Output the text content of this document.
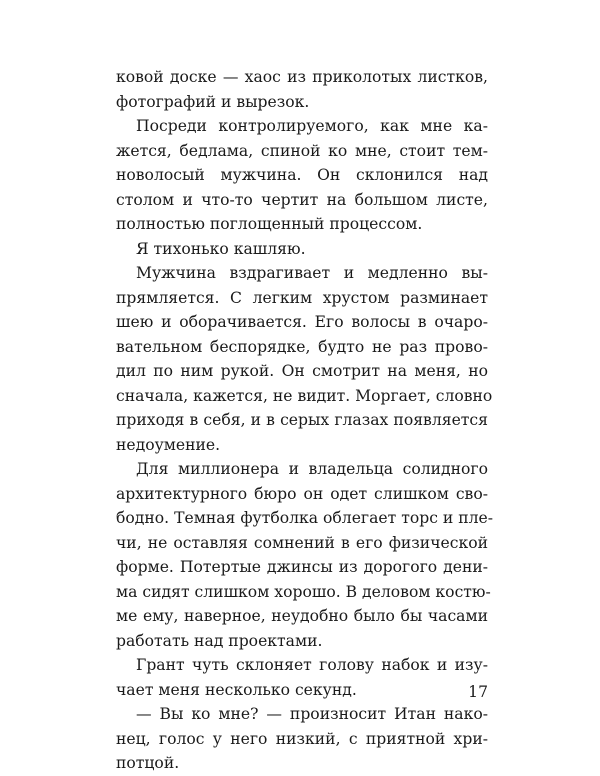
ковой доске — хаос из приколотых листков,
фотографий и вырезок.
Посреди контролируемого, как мне ка-
жется, бедлама, спиной ко мне, стоит тем-
новолосый мужчина. Он склонился над
столом и что-то чертит на большом листе,
полностью поглощенный процессом.
Я тихонько кашляю.
Мужчина вздрагивает и медленно вы-
прямляется. С легким хрустом разминает
шею и оборачивается. Его волосы в очаро-
вательном беспорядке, будто не раз прово-
дил по ним рукой. Он смотрит на меня, но
сначала, кажется, не видит. Моргает, словно
приходя в себя, и в серых глазах появляется
недоумение.
Для миллионера и владельца солидного
архитектурного бюро он одет слишком сво-
бодно. Темная футболка облегает торс и пле-
чи, не оставляя сомнений в его физической
форме. Потертые джинсы из дорогого дени-
ма сидят слишком хорошо. В деловом костю-
ме ему, наверное, неудобно было бы часами
работать над проектами.
Грант чуть склоняет голову набок и изу-
чает меня несколько секунд.
— Вы ко мне? — произносит Итан нако-
нец, голос у него низкий, с приятной хри-
потцой.
17
